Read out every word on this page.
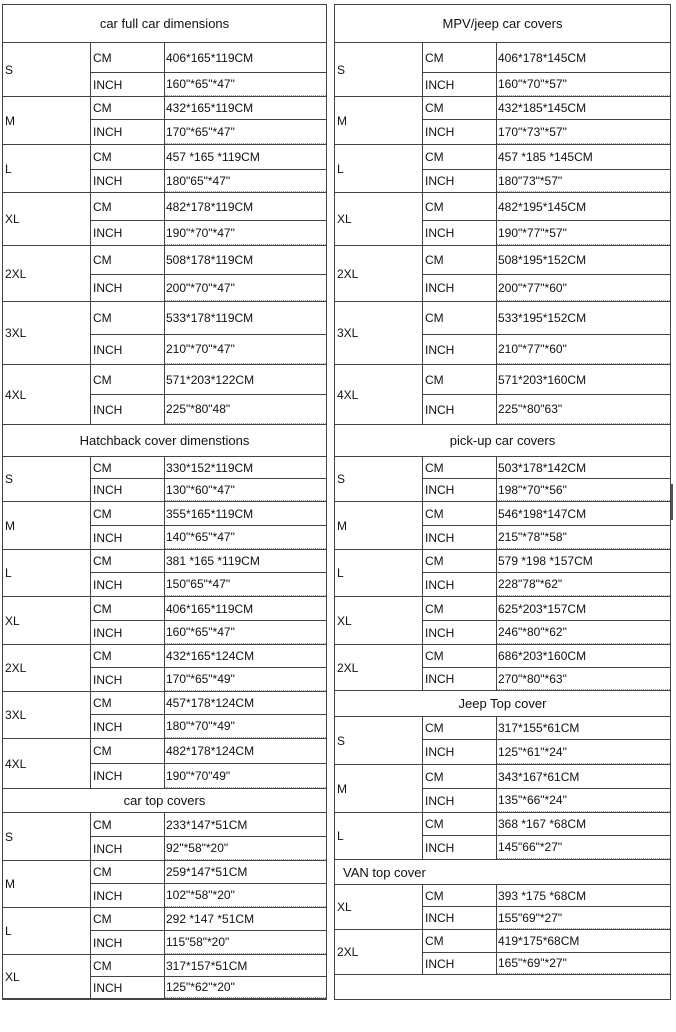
car full car dimensions
S
CM	406*165*119CM
INCH	160"*65"*47"
M
CM	432*165*119CM
INCH	170"*65"*47"
L
CM	457 *165 *119CM
INCH	180"65"*47"
XL
CM	482*178*119CM
INCH	190"*70"*47"
2XL
CM	508*178*119CM
INCH	200"*70"*47"
3XL
CM	533*178*119CM
INCH	210"*70"*47"
4XL
CM	571*203*122CM
INCH	225"*80"48"
Hatchback cover dimenstions
S
CM	330*152*119CM
INCH	130"*60"*47"
M
CM	355*165*119CM
INCH	140"*65"*47"
L
CM	381 *165 *119CM
INCH	150"65"*47"
XL
CM	406*165*119CM
INCH	160"*65"*47"
2XL
CM	432*165*124CM
INCH	170"*65"*49"
3XL
CM	457*178*124CM
INCH	180"*70"*49"
4XL
CM	482*178*124CM
INCH	190"*70"49"
car top covers
S
CM	233*147*51CM
INCH	92"*58"*20"
M
CM	259*147*51CM
INCH	102"*58"*20"
L
CM	292 *147 *51CM
INCH	115"58"*20"
XL
CM	317*157*51CM
INCH	125"*62"*20"
MPV/jeep car covers
S
CM	406*178*145CM
INCH	160"*70"*57"
M
CM	432*185*145CM
INCH	170"*73"*57"
L
CM	457 *185 *145CM
INCH	180"73"*57"
XL
CM	482*195*145CM
INCH	190"*77"*57"
2XL
CM	508*195*152CM
INCH	200"*77"*60"
3XL
CM	533*195*152CM
INCH	210"*77"*60"
4XL
CM	571*203*160CM
INCH	225"*80"63"
pick-up car covers
S
CM	503*178*142CM
INCH	198"*70"*56"
M
CM	546*198*147CM
INCH	215"*78"*58"
L
CM	579 *198 *157CM
INCH	228"78"*62"
XL
CM	625*203*157CM
INCH	246"*80"*62"
2XL
CM	686*203*160CM
INCH	270"*80"*63"
Jeep Top cover
S
CM	317*155*61CM
INCH	125"*61"*24"
M
CM	343*167*61CM
INCH	135"*66"*24"
L
CM	368 *167 *68CM
INCH	145"66"*27"
VAN top cover
XL
CM	393 *175 *68CM
INCH	155"69"*27"
2XL
CM	419*175*68CM
INCH	165"*69"*27"
